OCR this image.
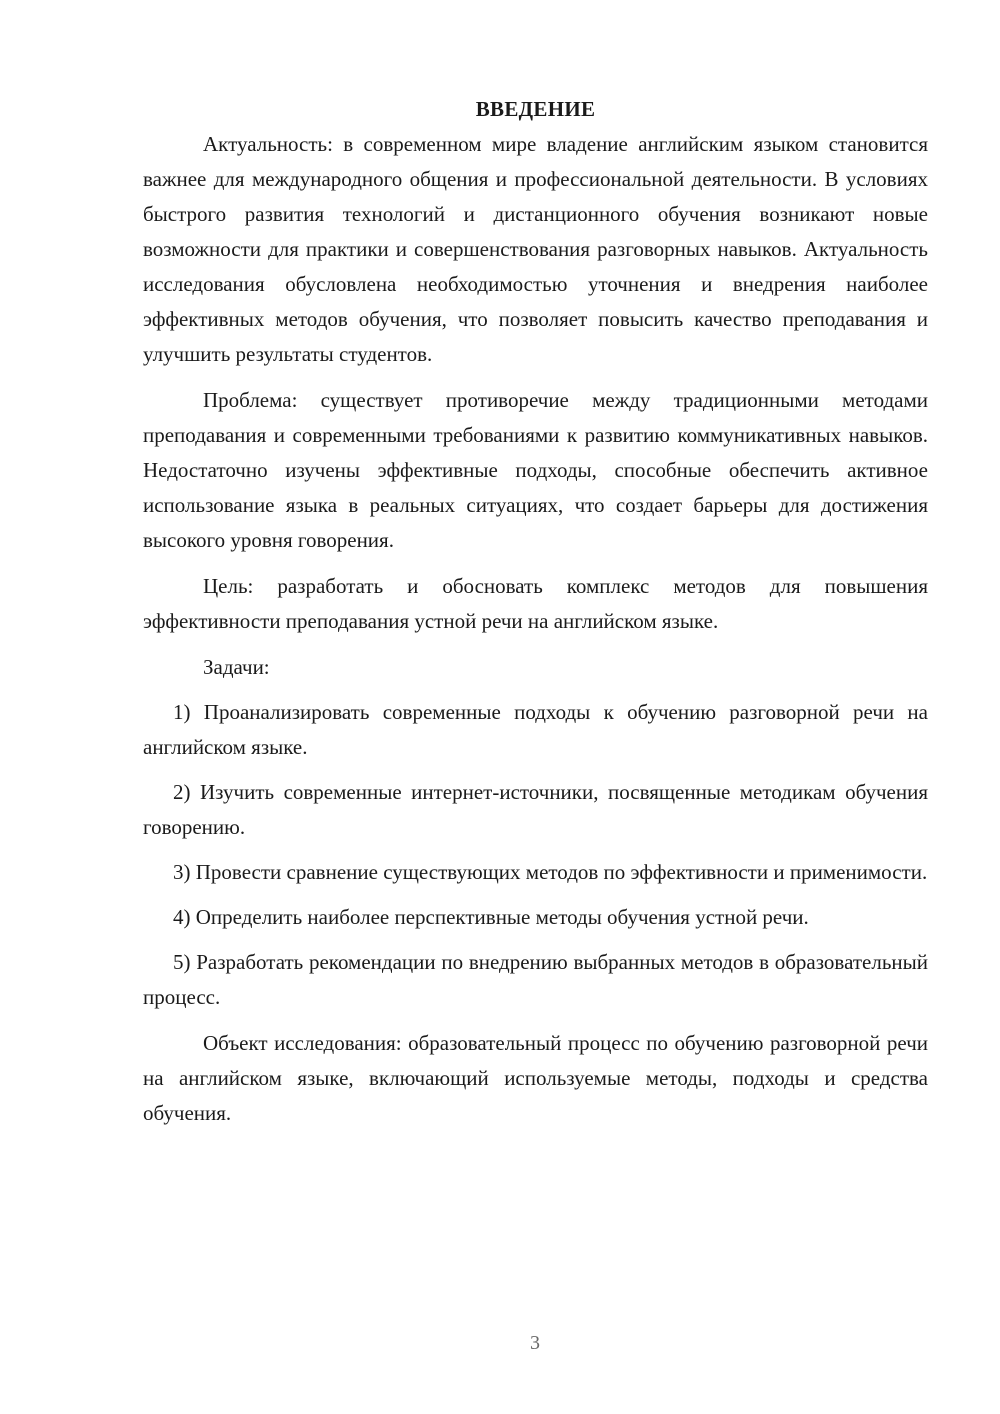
ВВЕДЕНИЕ

Актуальность: в современном мире владение английским языком становится важнее для международного общения и профессиональной деятельности. В условиях быстрого развития технологий и дистанционного обучения возникают новые возможности для практики и совершенствования разговорных навыков. Актуальность исследования обусловлена необходимостью уточнения и внедрения наиболее эффективных методов обучения, что позволяет повысить качество преподавания и улучшить результаты студентов.

Проблема: существует противоречие между традиционными методами преподавания и современными требованиями к развитию коммуникативных навыков. Недостаточно изучены эффективные подходы, способные обеспечить активное использование языка в реальных ситуациях, что создает барьеры для достижения высокого уровня говорения.

Цель: разработать и обосновать комплекс методов для повышения эффективности преподавания устной речи на английском языке.

Задачи:

1) Проанализировать современные подходы к обучению разговорной речи на английском языке.

2) Изучить современные интернет-источники, посвященные методикам обучения говорению.

3) Провести сравнение существующих методов по эффективности и применимости.

4) Определить наиболее перспективные методы обучения устной речи.

5) Разработать рекомендации по внедрению выбранных методов в образовательный процесс.

Объект исследования: образовательный процесс по обучению разговорной речи на английском языке, включающий используемые методы, подходы и средства обучения.

3
